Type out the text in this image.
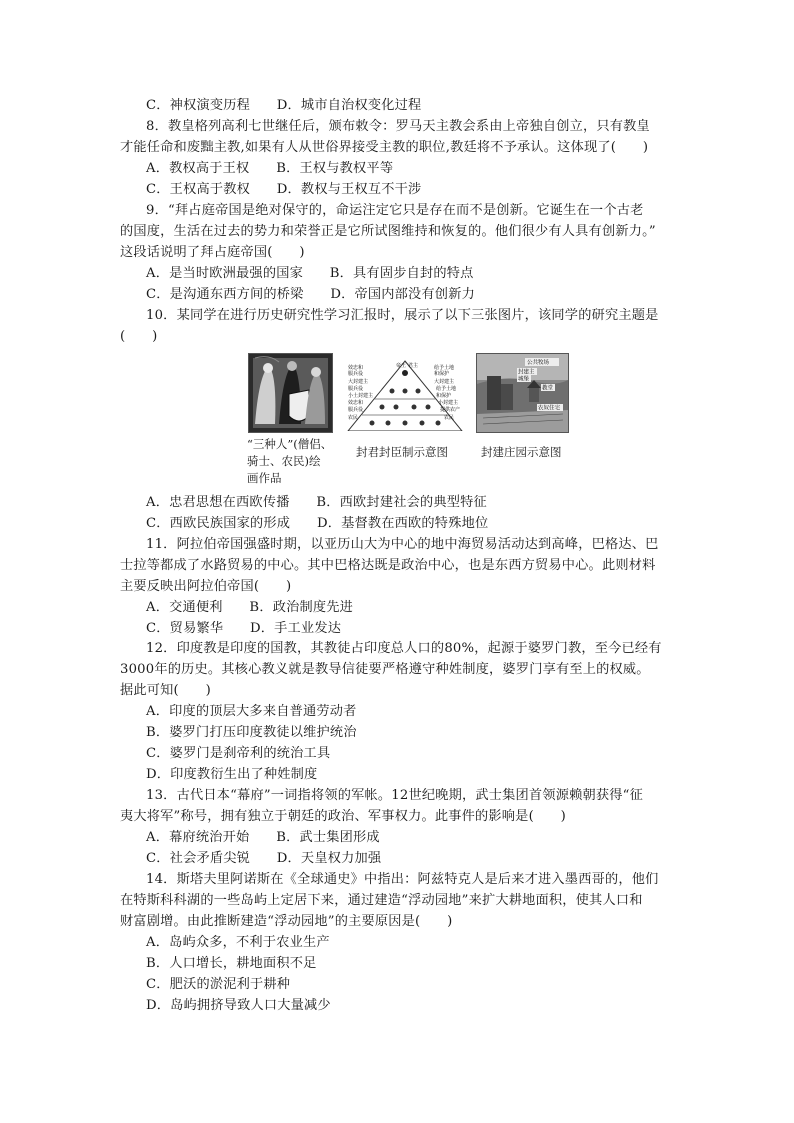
C．神权演变历程　　D．城市自治权变化过程
8．教皇格列高利七世继任后，颁布敕令：罗马天主教会系由上帝独自创立，只有教皇
才能任命和废黜主教,如果有人从世俗界接受主教的职位,教廷将不予承认。这体现了(　　)
A．教权高于王权　　B．王权与教权平等
C．王权高于教权　　D．教权与王权互不干涉
9．“拜占庭帝国是绝对保守的，命运注定它只是存在而不是创新。它诞生在一个古老
的国度，生活在过去的势力和荣誉正是它所试图维持和恢复的。他们很少有人具有创新力。”
这段话说明了拜占庭帝国(　　)
A．是当时欧洲最强的国家　　B．具有固步自封的特点
C．是沟通东西方间的桥梁　　D．帝国内部没有创新力
10．某同学在进行历史研究性学习汇报时，展示了以下三张图片，该同学的研究主题是
(　　)
“三种人”(僧侣、
骑士、农民)绘
画作品
帝王 君主
效忠和
服兵役
大封建主
服兵役
小土封建主
效忠和
服兵役
农民
给予土地
和保护
大封建主
给予土地
和保护
小封建主
提供农产
农民
封君封臣制示意图
公共牧场
封建主
城堡
教堂
农奴住宅
封建庄园示意图
A．忠君思想在西欧传播　　B．西欧封建社会的典型特征
C．西欧民族国家的形成　　D．基督教在西欧的特殊地位
11．阿拉伯帝国强盛时期，以亚历山大为中心的地中海贸易活动达到高峰，巴格达、巴
士拉等都成了水路贸易的中心。其中巴格达既是政治中心，也是东西方贸易中心。此则材料
主要反映出阿拉伯帝国(　　)
A．交通便利　　B．政治制度先进
C．贸易繁华　　D．手工业发达
12．印度教是印度的国教，其教徒占印度总人口的80%，起源于婆罗门教，至今已经有
3000年的历史。其核心教义就是教导信徒要严格遵守种姓制度，婆罗门享有至上的权威。
据此可知(　　)
A．印度的顶层大多来自普通劳动者
B．婆罗门打压印度教徒以维护统治
C．婆罗门是刹帝利的统治工具
D．印度教衍生出了种姓制度
13．古代日本“幕府”一词指将领的军帐。12世纪晚期，武士集团首领源赖朝获得“征
夷大将军”称号，拥有独立于朝廷的政治、军事权力。此事件的影响是(　　)
A．幕府统治开始　　B．武士集团形成
C．社会矛盾尖锐　　D．天皇权力加强
14．斯塔夫里阿诺斯在《全球通史》中指出：阿兹特克人是后来才进入墨西哥的，他们
在特斯科科湖的一些岛屿上定居下来，通过建造“浮动园地”来扩大耕地面积，使其人口和
财富剧增。由此推断建造“浮动园地”的主要原因是(　　)
A．岛屿众多，不利于农业生产
B．人口增长，耕地面积不足
C．肥沃的淤泥利于耕种
D．岛屿拥挤导致人口大量减少
